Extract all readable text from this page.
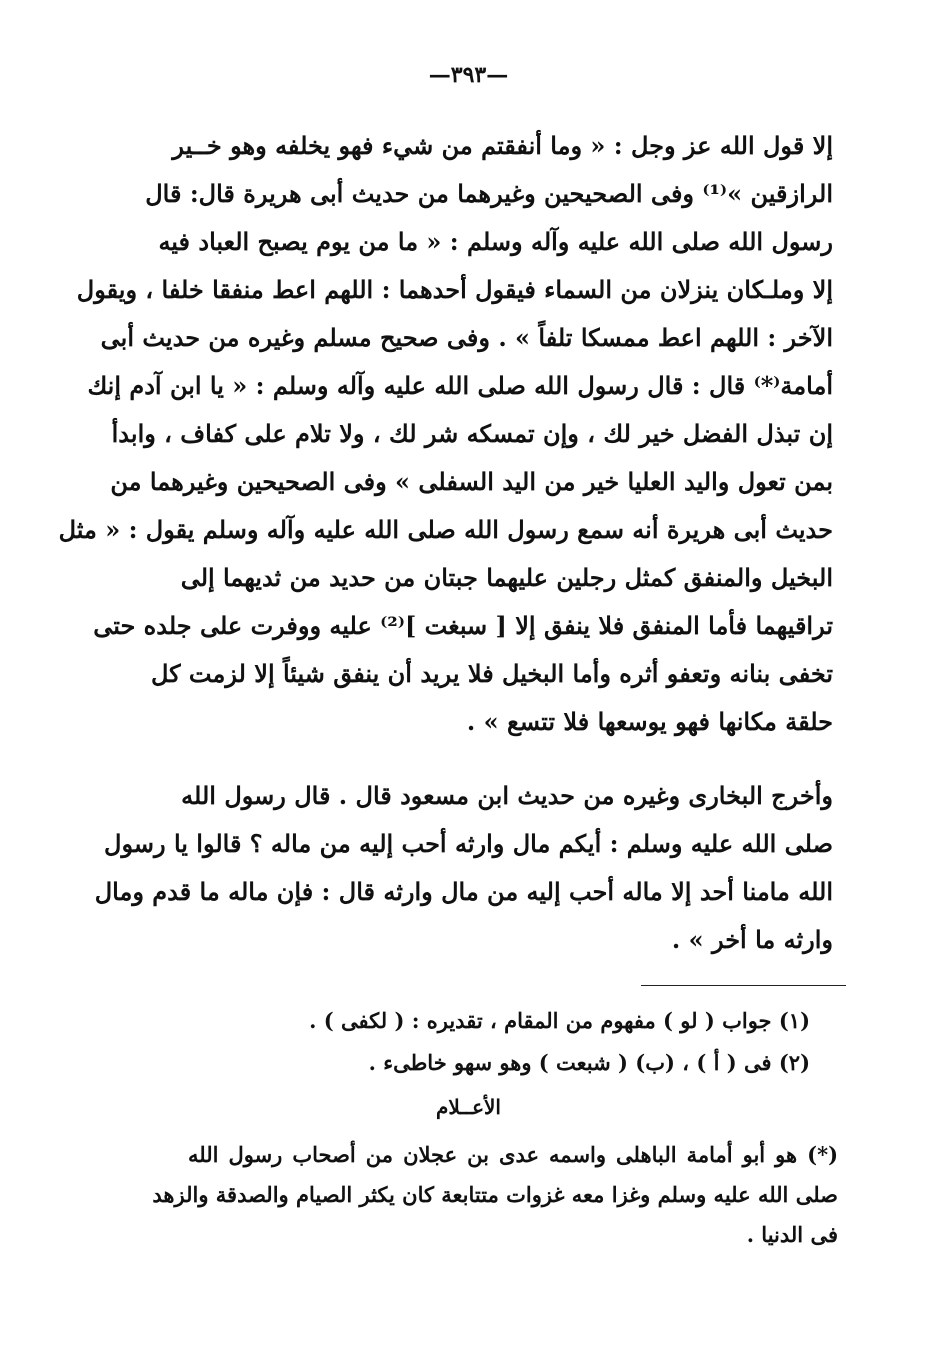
—٣٩٣—
إلا قول الله عز وجل : « وما أنفقتم من شيء فهو يخلفه وهو خــير
الرازقين »⁽¹⁾ وفى الصحيحين وغيرهما من حديث أبى هريرة قال: قال
رسول الله صلى الله عليه وآله وسلم : « ما من يوم يصبح العباد فيه
إلا وملـكان ينزلان من السماء فيقول أحدهما : اللهم اعط منفقا خلفا ، ويقول
الآخر : اللهم اعط ممسكا تلفاً » . وفى صحيح مسلم وغيره من حديث أبى
أمامة⁽*⁾ قال : قال رسول الله صلى الله عليه وآله وسلم : « يا ابن آدم إنك
إن تبذل الفضل خير لك ، وإن تمسكه شر لك ، ولا تلام على كفاف ، وابدأ
بمن تعول واليد العليا خير من اليد السفلى » وفى الصحيحين وغيرهما من
حديث أبى هريرة أنه سمع رسول الله صلى الله عليه وآله وسلم يقول : « مثل
البخيل والمنفق كمثل رجلين عليهما جبتان من حديد من ثديهما إلى
تراقيهما فأما المنفق فلا ينفق إلا [ سبغت ]⁽²⁾ عليه ووفرت على جلده حتى
تخفى بنانه وتعفو أثره وأما البخيل فلا يريد أن ينفق شيئاً إلا لزمت كل
حلقة مكانها فهو يوسعها فلا تتسع » .
وأخرج البخارى وغيره من حديث ابن مسعود قال . قال رسول الله
صلى الله عليه وسلم : أيكم مال وارثه أحب إليه من ماله ؟ قالوا يا رسول
الله مامنا أحد إلا ماله أحب إليه من مال وارثه قال : فإن ماله ما قدم ومال
وارثه ما أخر » .
(١) جواب ( لو ) مفهوم من المقام ، تقديره : ( لكفى ) .
(٢) فى ( أ ) ، (ب) ( شبعت ) وهو سهو خاطىء .
الأعــلام
(*) هو أبو أمامة الباهلى واسمه عدى بن عجلان من أصحاب رسول الله
صلى الله عليه وسلم وغزا معه غزوات متتابعة كان يكثر الصيام والصدقة والزهد
فى الدنيا .
